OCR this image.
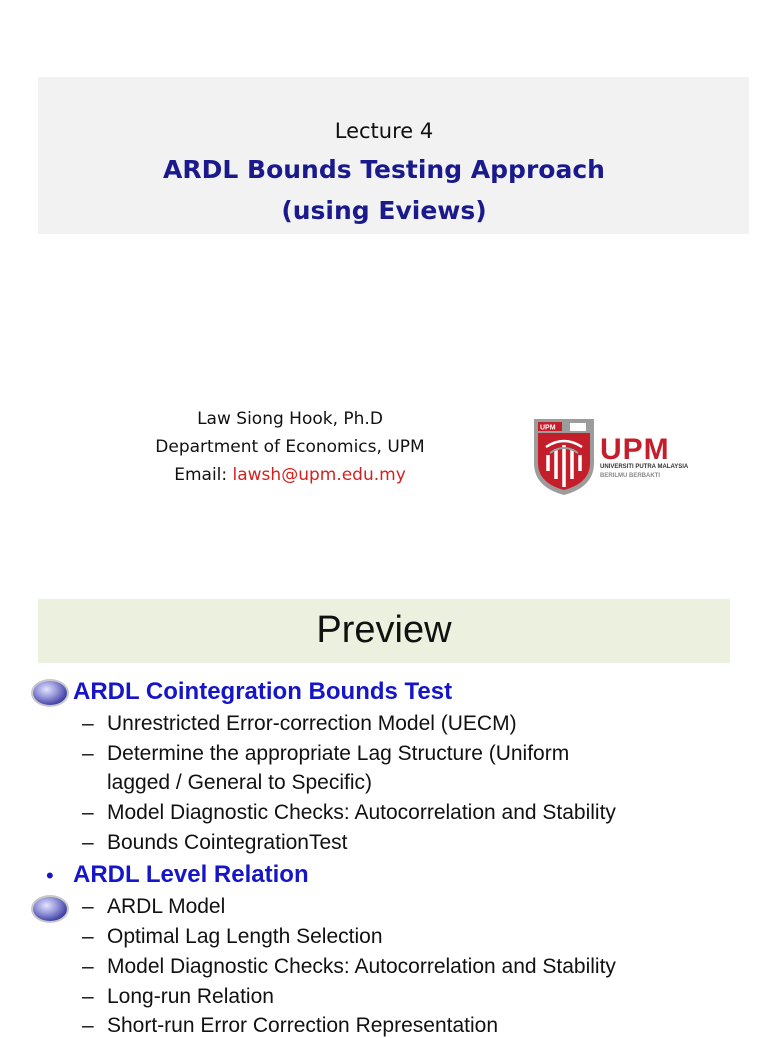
Lecture 4
ARDL Bounds Testing Approach
(using Eviews)
Law Siong Hook, Ph.D
Department of Economics, UPM
Email: lawsh@upm.edu.my
UPM
UPM
UNIVERSITI PUTRA MALAYSIA
BERILMU BERBAKTI
Preview
ARDL Cointegration Bounds Test
– Unrestricted Error-correction Model (UECM)
– Determine the appropriate Lag Structure (Uniform
lagged / General to Specific)
– Model Diagnostic Checks: Autocorrelation and Stability
– Bounds CointegrationTest
• ARDL Level Relation
– ARDL Model
– Optimal Lag Length Selection
– Model Diagnostic Checks: Autocorrelation and Stability
– Long-run Relation
– Short-run Error Correction Representation
